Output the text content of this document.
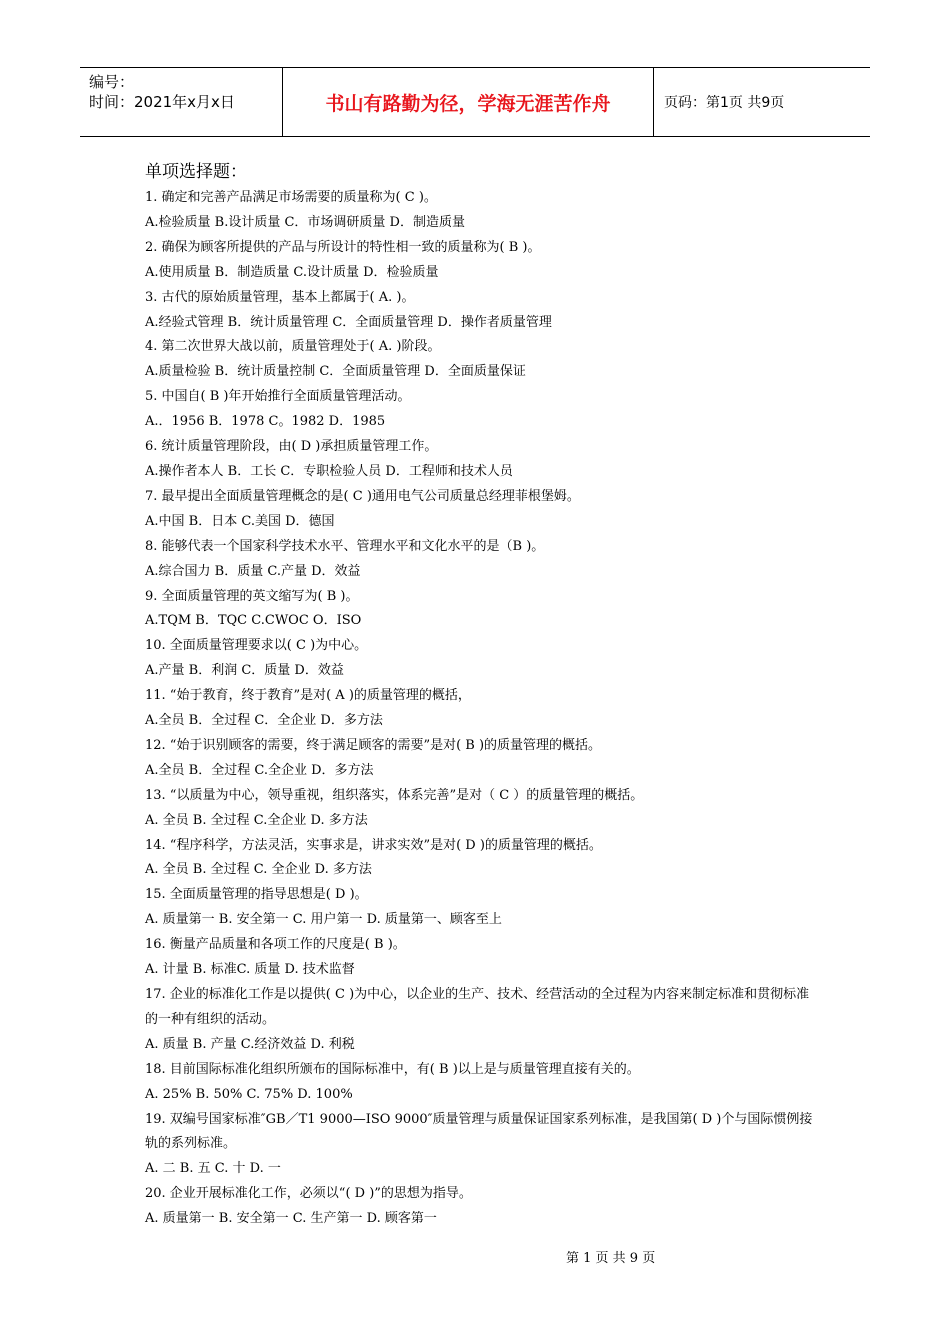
编号：
时间：2021年x月x日	书山有路勤为径，学海无涯苦作舟	页码：第1页 共9页
单项选择题：
1. 确定和完善产品满足市场需要的质量称为( C )。
A.检验质量 B.设计质量 C．市场调研质量 D．制造质量
2. 确保为顾客所提供的产品与所设计的特性相一致的质量称为( B )。
A.使用质量 B．制造质量 C.设计质量 D．检验质量
3. 古代的原始质量管理，基本上都属于( A. )。
A.经验式管理 B．统计质量管理 C．全面质量管理 D．操作者质量管理
4. 第二次世界大战以前，质量管理处于( A. )阶段。
A.质量检验 B．统计质量控制 C．全面质量管理 D．全面质量保证
5. 中国自( B )年开始推行全面质量管理活动。
A.．1956 B．1978 C。1982 D．1985
6. 统计质量管理阶段，由( D )承担质量管理工作。
A.操作者本人 B．工长 C．专职检验人员 D．工程师和技术人员
7. 最早提出全面质量管理概念的是( C )通用电气公司质量总经理菲根堡姆。
A.中国 B．日本 C.美国 D．德国
8. 能够代表一个国家科学技术水平、管理水平和文化水平的是（B )。
A.综合国力 B．质量 C.产量 D．效益
9. 全面质量管理的英文缩写为( B )。
A.TQM B．TQC C.CWOC O．ISO
10. 全面质量管理要求以( C )为中心。
A.产量 B．利润 C．质量 D．效益
11. “始于教育，终于教育”是对( A )的质量管理的概括，
A.全员 B．全过程 C．全企业 D．多方法
12. “始于识别顾客的需要，终于满足顾客的需要”是对( B )的质量管理的概括。
A.全员 B．全过程 C.全企业 D．多方法
13. “以质量为中心，领导重视，组织落实，体系完善”是对（ C ）的质量管理的概括。
A. 全员 B. 全过程 C.全企业 D. 多方法
14. “程序科学，方法灵活，实事求是，讲求实效”是对( D )的质量管理的概括。
A. 全员 B. 全过程 C. 全企业 D. 多方法
15. 全面质量管理的指导思想是( D )。
A. 质量第一 B. 安全第一 C. 用户第一 D. 质量第一、顾客至上
16. 衡量产品质量和各项工作的尺度是( B )。
A. 计量 B. 标准C. 质量 D. 技术监督
17. 企业的标准化工作是以提供( C )为中心，以企业的生产、技术、经营活动的全过程为内容来制定标准和贯彻标准的一种有组织的活动。
A. 质量 B. 产量 C.经济效益 D. 利税
18. 目前国际标准化组织所颁布的国际标准中，有( B )以上是与质量管理直接有关的。
A. 25% B. 50% C. 75% D. 100%
19. 双编号国家标准″GB／T1 9000—ISO 9000″质量管理与质量保证国家系列标准，是我国第( D )个与国际惯例接轨的系列标准。
A. 二 B. 五 C. 十 D. 一
20. 企业开展标准化工作，必须以“( D )”的思想为指导。
A. 质量第一 B. 安全第一 C. 生产第一 D. 顾客第一
第 1 页 共 9 页
